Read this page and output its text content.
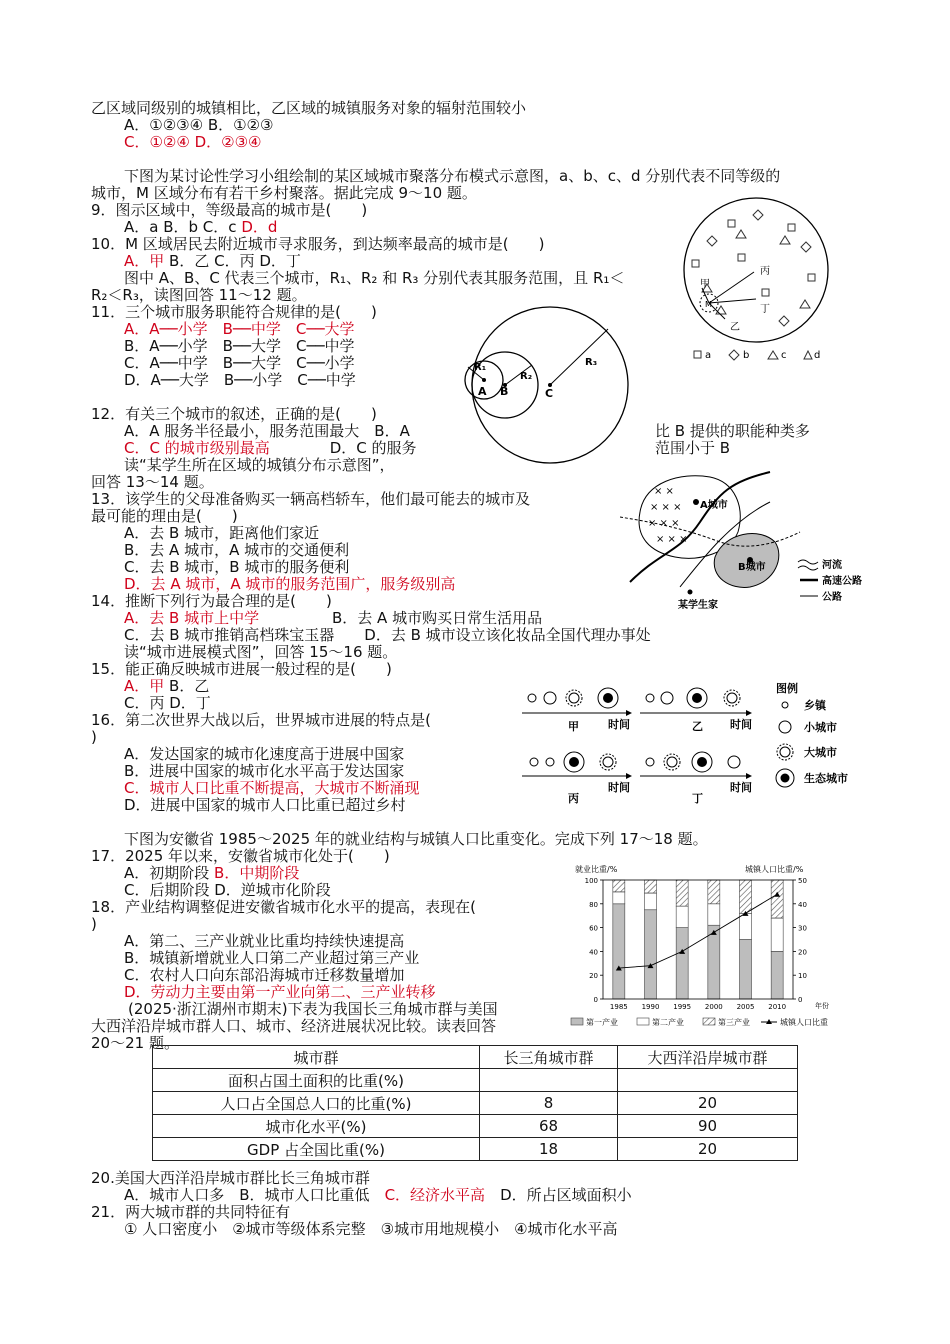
乙区域同级别的城镇相比，乙区域的城镇服务对象的辐射范围较小
A．①②③④ B．①②③
C．①②④ D．②③④
下图为某讨论性学习小组绘制的某区域城市聚落分布模式示意图，a、b、c、d 分别代表不同等级的
城市，M 区域分布有若干乡村聚落。据此完成 9～10 题。
9．图示区域中，等级最高的城市是(　　)
A．a B．b C．c D．d
10．M 区域居民去附近城市寻求服务，到达频率最高的城市是(　　)
A．甲 B．乙 C．丙 D．丁
图中 A、B、C 代表三个城市，R₁、R₂ 和 R₃ 分别代表其服务范围，且 R₁＜
R₂＜R₃，读图回答 11～12 题。
11．三个城市服务职能符合规律的是(　　)
A．A──小学　B──中学　C──大学
B．A──小学　B──大学　C──中学
C．A──中学　B──大学　C──小学
D．A──大学　B──小学　C──中学
12．有关三个城市的叙述，正确的是(　　)
A．A 服务半径最小，服务范围最大　B．A	比 B 提供的职能种类多
C．C 的城市级别最高　　　　	D．C 的服务	范围小于 B
读“某学生所在区域的城镇分布示意图”，
回答 13～14 题。
13．该学生的父母准备购买一辆高档轿车，他们最可能去的城市及
最可能的理由是(　　)
A．去 B 城市，距离他们家近
B．去 A 城市，A 城市的交通便利
C．去 B 城市，B 城市的服务便利
D．去 A 城市，A 城市的服务范围广，服务级别高
14．推断下列行为最合理的是(　　)
A．去 B 城市上中学	B．去 A 城市购买日常生活用品
C．去 B 城市推销高档珠宝玉器　　D．去 B 城市设立该化妆品全国代理办事处
读“城市进展模式图”，回答 15～16 题。
15．能正确反映城市进展一般过程的是(　　)
A．甲 B．乙
C．丙 D．丁
16．第二次世界大战以后，世界城市进展的特点是(
)
A．发达国家的城市化速度高于进展中国家
B．进展中国家的城市化水平高于发达国家
C．城市人口比重不断提高，大城市不断涌现
D．进展中国家的城市人口比重已超过乡村
下图为安徽省 1985～2025 年的就业结构与城镇人口比重变化。完成下列 17～18 题。
17．2025 年以来，安徽省城市化处于(　　)
A．初期阶段 B．中期阶段
C．后期阶段 D．逆城市化阶段
18．产业结构调整促进安徽省城市化水平的提高，表现在(
)
A．第二、三产业就业比重均持续快速提高
B．城镇新增就业人口第二产业超过第三产业
C．农村人口向东部沿海城市迁移数量增加
D．劳动力主要由第一产业向第二、三产业转移
(2025·浙江湖州市期末)下表为我国长三角城市群与美国
大西洋沿岸城市群人口、城市、经济进展状况比较。读表回答
20～21 题。
城市群	长三角城市群	大西洋沿岸城市群
面积占国土面积的比重(%)		
人口占全国总人口的比重(%)	8	20
城市化水平(%)	68	90
GDP 占全国比重(%)	18	20
20.美国大西洋沿岸城市群比长三角城市群
A．城市人口多　B．城市人口比重低　 C．经济水平高　 D．所占区域面积小
21．两大城市群的共同特征有
① 人口密度小　②城市等级体系完整　③城市用地规模小　④城市化水平高
丙
甲
M	丁
乙
a	b	c	d
R₁
R₂
R₃
A B	C
× ×
× × ×
× × ×
× × ×
A城市
B城市
某学生家
河流
高速公路
公路
甲	时间	乙 时间
丙
时间
丁
时间
图例
乡镇
小城市
大城市
生态城市
就业比重/%	城镇人口比重/%
0
20
40
60
80
100
0
10
20
30
40
50
1985 1990 1995 2000 2005 2010	年份
第一产业	第二产业	第三产业	城镇人口比重
